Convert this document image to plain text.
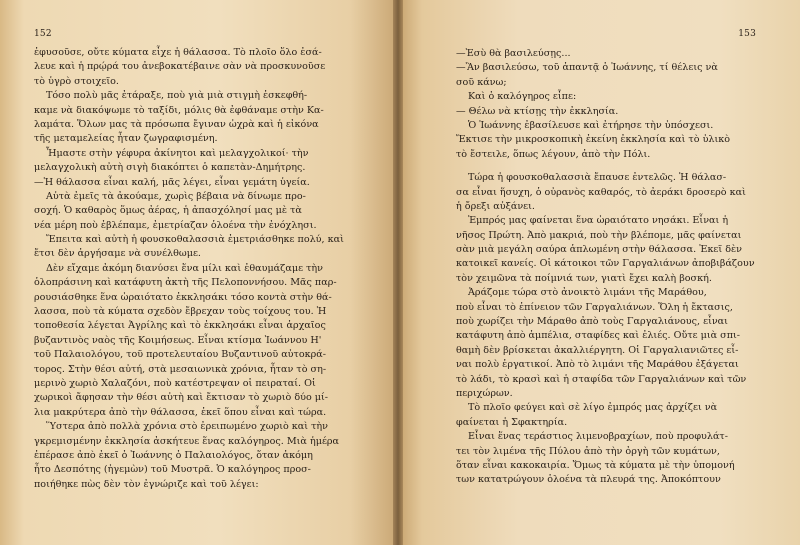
152
ἐφυσοῦσε, οὔτε κύματα εἶχε ἡ θάλασσα. Τὸ πλοῖο ὅλο ἐσά-
λευε καὶ ἡ πρῴρά του ἀνεβοκατέβαινε σὰν νὰ προσκυνοῦσε
τὸ ὑγρὸ στοιχεῖο.
Τόσο πολὺ μᾶς ἐτάραξε, ποὺ γιὰ μιὰ στιγμὴ ἐσκεφθή-
καμε νὰ διακόψωμε τὸ ταξίδι, μόλις θὰ ἐφθάναμε στὴν Κα-
λαμάτα. Ὅλων μας τὰ πρόσωπα ἔγιναν ὠχρὰ καὶ ἡ εἰκόνα
τῆς μεταμελείας ἦταν ζωγραφισμένη.
Ἦμαστε στὴν γέφυρα ἀκίνητοι καὶ μελαγχολικοί· τὴν
μελαγχολικὴ αὐτὴ σιγὴ διακόπτει ὁ καπετὰν-Δημήτρης.
—Ἡ θάλασσα εἶναι καλή, μᾶς λέγει, εἶναι γεμάτη ὑγεία.
Αὐτὰ ἐμεῖς τὰ ἀκούαμε, χωρὶς βέβαια νὰ δίνωμε προ-
σοχή. Ὁ καθαρὸς ὅμως ἀέρας, ἡ ἀπασχόλησί μας μὲ τὰ
νέα μέρη ποὺ ἐβλέπαμε, ἐμετρίαζαν ὁλοένα τὴν ἐνόχλησι.
Ἔπειτα καὶ αὐτὴ ἡ φουσκοθαλασσιὰ ἐμετριάσθηκε πολύ, καὶ
ἔτσι δὲν ἀργήσαμε νὰ συνέλθωμε.
Δὲν εἴχαμε ἀκόμη διανύσει ἕνα μίλι καὶ ἐθαυμάζαμε τὴν
ὁλοπράσινη καὶ κατάφυτη ἀκτὴ τῆς Πελοποννήσου. Μᾶς παρ-
ρουσιάσθηκε ἕνα ὡραιότατο ἐκκλησάκι τόσο κοντὰ στὴν θά-
λασσα, ποὺ τὰ κύματα σχεδὸν ἔβρεχαν τοὺς τοίχους του. Ἡ
τοποθεσία λέγεται Ἀγρίλης καὶ τὸ ἐκκλησάκι εἶναι ἀρχαῖος
βυζαντινὸς ναὸς τῆς Κοιμήσεως. Εἶναι κτίσμα Ἰωάννου Η'
τοῦ Παλαιολόγου, τοῦ προτελευταίου Βυζαντινοῦ αὐτοκρά-
τορος. Στὴν θέσι αὐτή, στὰ μεσαιωνικὰ χρόνια, ἦταν τὸ ση-
μερινὸ χωριὸ Χαλαζόνι, ποὺ κατέστρεψαν οἱ πειραταί. Οἱ
χωρικοὶ ἄφησαν τὴν θέσι αὐτὴ καὶ ἔκτισαν τὸ χωριὸ δύο μί-
λια μακρύτερα ἀπὸ τὴν θάλασσα, ἐκεῖ ὅπου εἶναι καὶ τώρα.
Ὕστερα ἀπὸ πολλὰ χρόνια στὸ ἐρειπωμένο χωριὸ καὶ τὴν
γκρεμισμένην ἐκκλησία ἀσκήτευε ἕνας καλόγηρος. Μιὰ ἡμέρα
ἐπέρασε ἀπὸ ἐκεῖ ὁ Ἰωάννης ὁ Παλαιολόγος, ὅταν ἀκόμη
ἦτο Δεσπότης (ἡγεμὼν) τοῦ Μυστρᾶ. Ὁ καλόγηρος προσ-
ποιήθηκε πὼς δὲν τὸν ἐγνώριζε καὶ τοῦ λέγει:
153
—Ἐσὺ θὰ βασιλεύσῃς...
—Ἂν βασιλεύσω, τοῦ ἀπαντᾷ ὁ Ἰωάννης, τί θέλεις νὰ
σοῦ κάνω;
Καὶ ὁ καλόγηρος εἶπε:
— Θέλω νὰ κτίσῃς τὴν ἐκκλησία.
Ὁ Ἰωάννης ἐβασίλευσε καὶ ἐτήρησε τὴν ὑπόσχεσι.
Ἔκτισε τὴν μικροσκοπικὴ ἐκείνη ἐκκλησία καὶ τὸ ὑλικὸ
τὸ ἔστειλε, ὅπως λέγουν, ἀπὸ τὴν Πόλι.
Τώρα ἡ φουσκοθαλασσιὰ ἔπαυσε ἐντελῶς. Ἡ θάλασ-
σα εἶναι ἥσυχη, ὁ οὐρανὸς καθαρός, τὸ ἀεράκι δροσερὸ καὶ
ἡ ὄρεξι αὐξάνει.
Ἐμπρός μας φαίνεται ἕνα ὡραιότατο νησάκι. Εἶναι ἡ
νῆσος Πρώτη. Ἀπὸ μακριά, ποὺ τὴν βλέπομε, μᾶς φαίνεται
σὰν μιὰ μεγάλη σαύρα ἁπλωμένη στὴν θάλασσα. Ἐκεῖ δὲν
κατοικεῖ κανείς. Οἱ κάτοικοι τῶν Γαργαλιάνων ἀποβιβάζουν
τὸν χειμῶνα τὰ ποίμνιά των, γιατὶ ἔχει καλὴ βοσκή.
Ἀράζομε τώρα στὸ ἀνοικτὸ λιμάνι τῆς Μαράθου,
ποὺ εἶναι τὸ ἐπίνειον τῶν Γαργαλιάνων. Ὅλη ἡ ἔκτασις,
ποὺ χωρίζει τὴν Μάραθο ἀπὸ τοὺς Γαργαλιάνους, εἶναι
κατάφυτη ἀπὸ ἀμπέλια, σταφίδες καὶ ἐλιές. Οὔτε μιὰ σπι-
θαμὴ δὲν βρίσκεται ἀκαλλιέργητη. Οἱ Γαργαλιανιῶτες εἶ-
ναι πολὺ ἐργατικοί. Ἀπὸ τὸ λιμάνι τῆς Μαράθου ἐξάγεται
τὸ λάδι, τὸ κρασὶ καὶ ἡ σταφίδα τῶν Γαργαλιάνων καὶ τῶν
περιχώρων.
Τὸ πλοῖο φεύγει καὶ σὲ λίγο ἐμπρός μας ἀρχίζει νὰ
φαίνεται ἡ Σφακτηρία.
Εἶναι ἕνας τεράστιος λιμενοβραχίων, ποὺ προφυλάτ-
τει τὸν λιμένα τῆς Πύλου ἀπὸ τὴν ὀργὴ τῶν κυμάτων,
ὅταν εἶναι κακοκαιρία. Ὅμως τὰ κύματα μὲ τὴν ὑπομονή
των κατατρώγουν ὁλοένα τὰ πλευρά της. Ἀποκόπτουν
